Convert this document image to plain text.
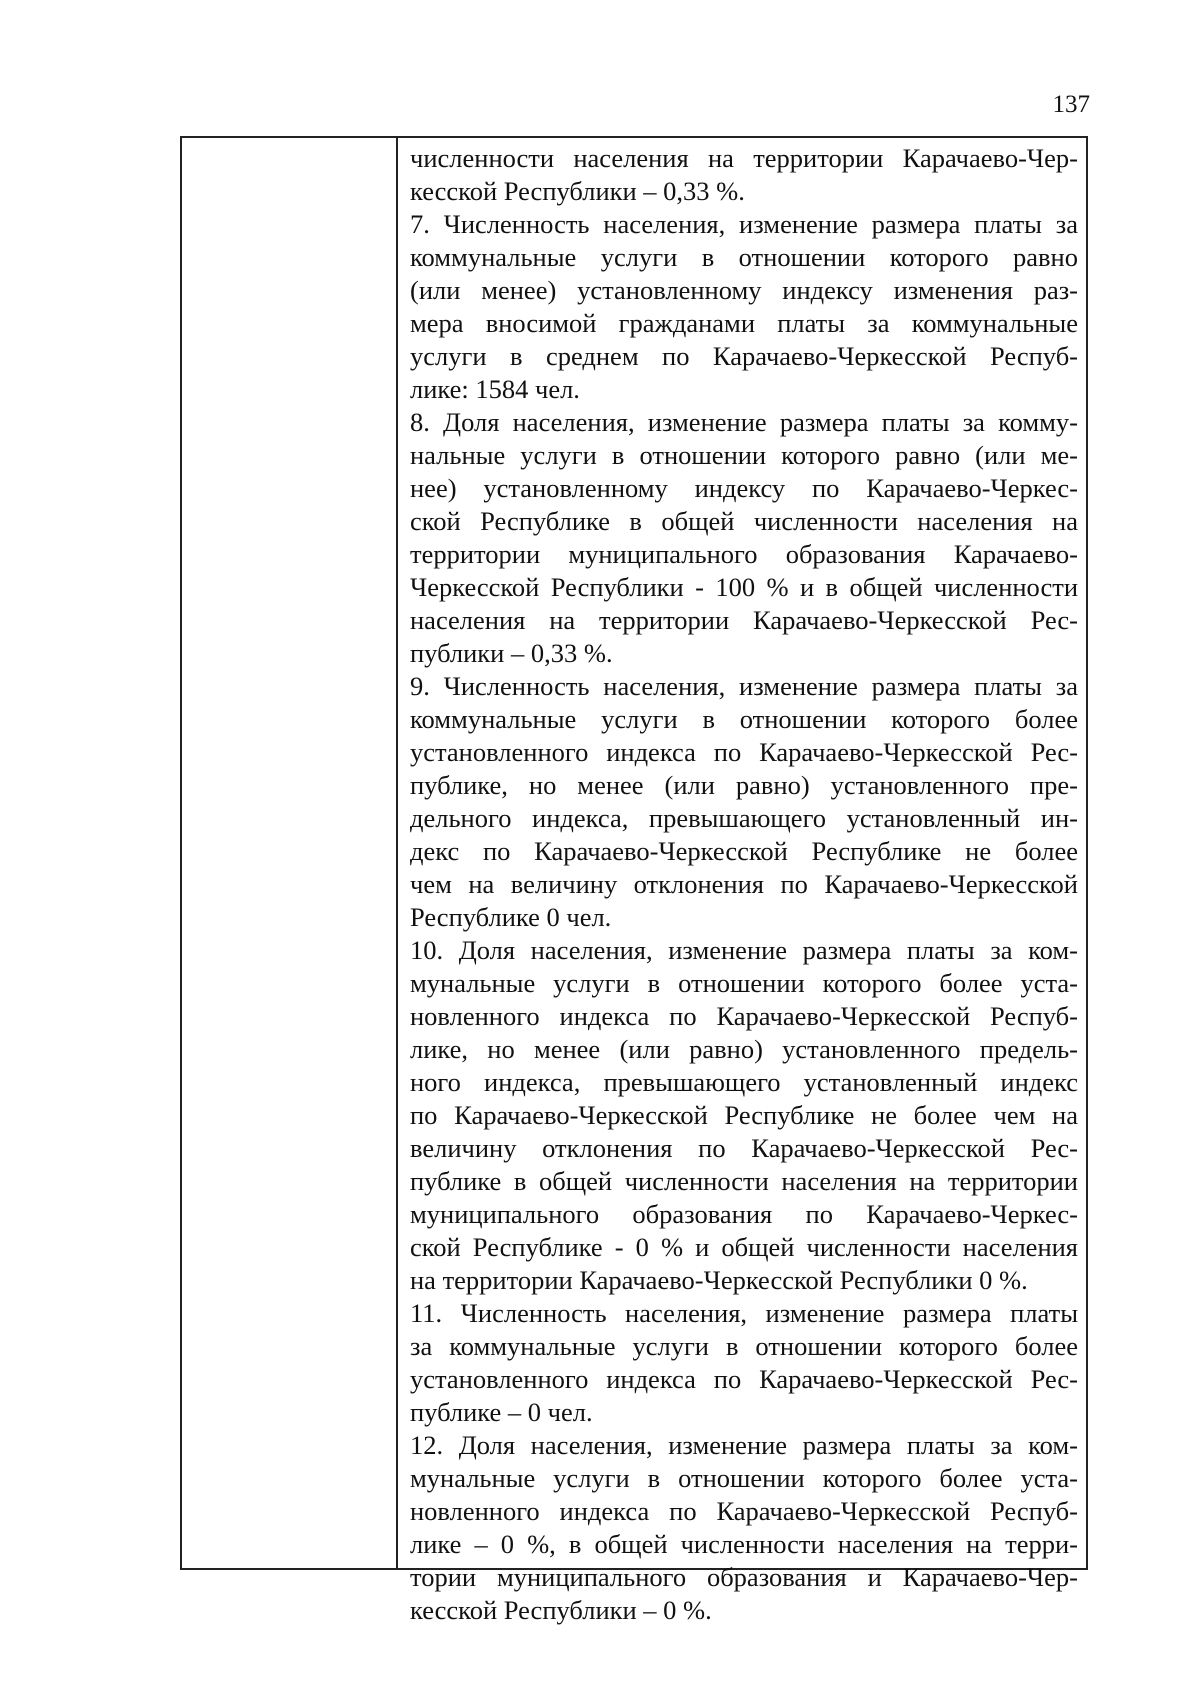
137
численности населения на территории Карачаево-Чер-
кесской Республики – 0,33 %.
7. Численность населения, изменение размера платы за
коммунальные услуги в отношении которого равно
(или менее) установленному индексу изменения раз-
мера вносимой гражданами платы за коммунальные
услуги в среднем по Карачаево-Черкесской Респуб-
лике: 1584 чел.
8. Доля населения, изменение размера платы за комму-
нальные услуги в отношении которого равно (или ме-
нее) установленному индексу по Карачаево-Черкес-
ской Республике в общей численности населения на
территории муниципального образования Карачаево-
Черкесской Республики - 100 % и в общей численности
населения на территории Карачаево-Черкесской Рес-
публики – 0,33 %.
9. Численность населения, изменение размера платы за
коммунальные услуги в отношении которого более
установленного индекса по Карачаево-Черкесской Рес-
публике, но менее (или равно) установленного пре-
дельного индекса, превышающего установленный ин-
декс по Карачаево-Черкесской Республике не более
чем на величину отклонения по Карачаево-Черкесской
Республике 0 чел.
10. Доля населения, изменение размера платы за ком-
мунальные услуги в отношении которого более уста-
новленного индекса по Карачаево-Черкесской Респуб-
лике, но менее (или равно) установленного предель-
ного индекса, превышающего установленный индекс
по Карачаево-Черкесской Республике не более чем на
величину отклонения по Карачаево-Черкесской Рес-
публике в общей численности населения на территории
муниципального образования по Карачаево-Черкес-
ской Республике - 0 % и общей численности населения
на территории Карачаево-Черкесской Республики 0 %.
11. Численность населения, изменение размера платы
за коммунальные услуги в отношении которого более
установленного индекса по Карачаево-Черкесской Рес-
публике – 0 чел.
12. Доля населения, изменение размера платы за ком-
мунальные услуги в отношении которого более уста-
новленного индекса по Карачаево-Черкесской Респуб-
лике – 0 %, в общей численности населения на терри-
тории муниципального образования и Карачаево-Чер-
кесской Республики – 0 %.
